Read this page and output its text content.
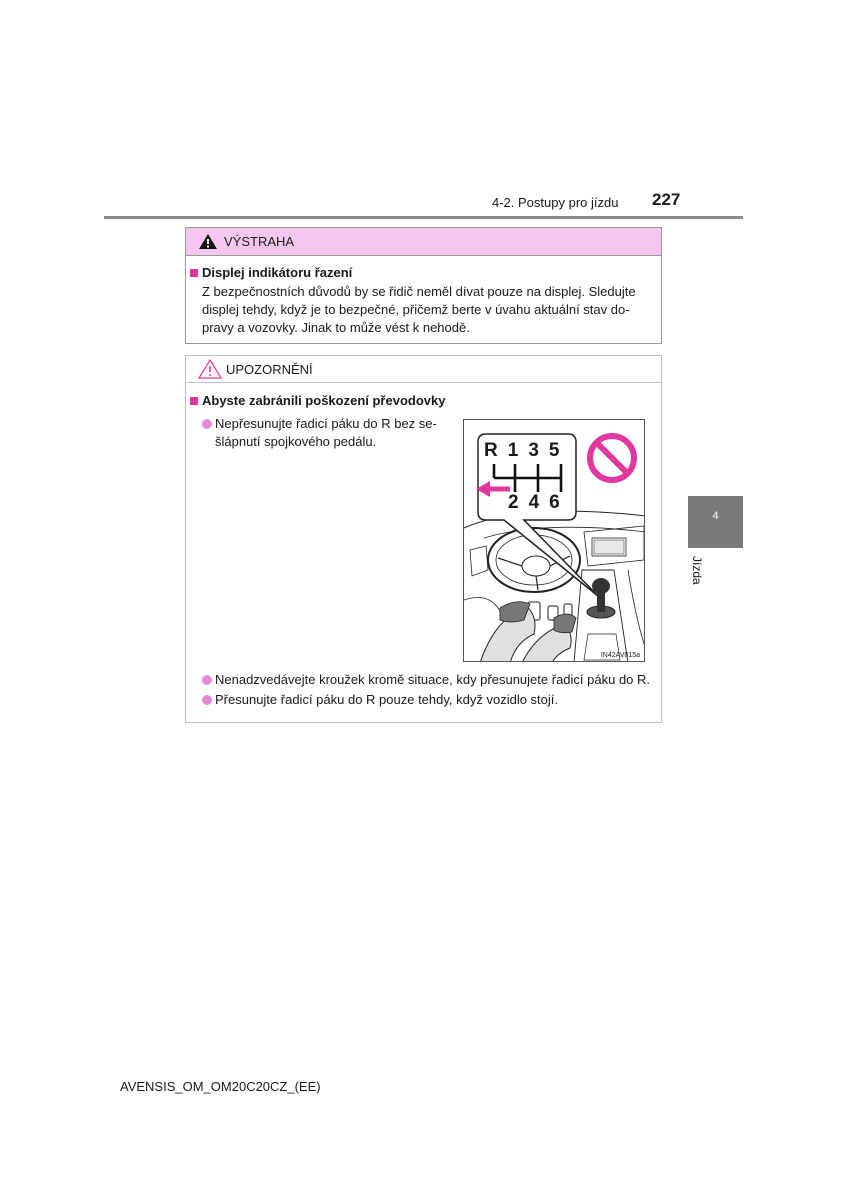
4-2. Postupy pro jízdu 227
VÝSTRAHA
Displej indikátoru řazení
Z bezpečnostních důvodů by se řidič neměl dívat pouze na displej. Sledujte
displej tehdy, když je to bezpečné, přičemž berte v úvahu aktuální stav do-
pravy a vozovky. Jinak to může vést k nehodě.
UPOZORNĚNÍ
Abyste zabránili poškození převodovky
Nepřesunujte řadicí páku do R bez se-
šlápnutí spojkového pedálu.
Nenadzvedávejte kroužek kromě situace, kdy přesunujete řadicí páku do R.
Přesunujte řadicí páku do R pouze tehdy, když vozidlo stojí.
R135
246
IN42AV015a
4
Jízda
AVENSIS_OM_OM20C20CZ_(EE)
